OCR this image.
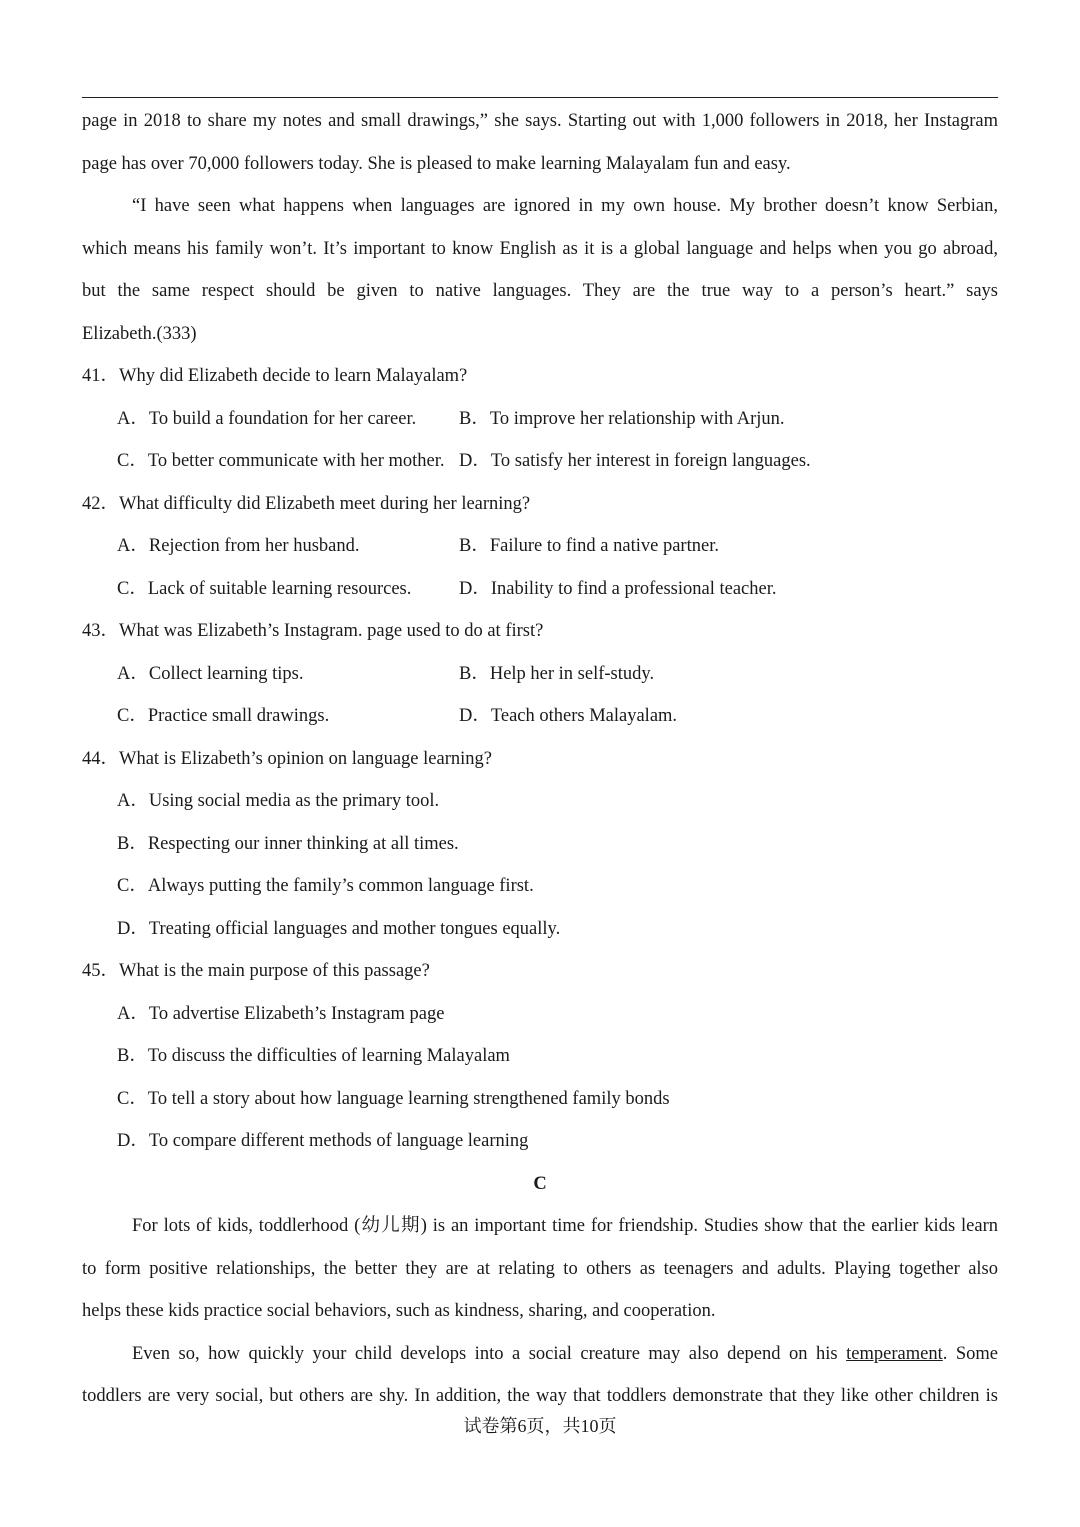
page in 2018 to share my notes and small drawings,” she says. Starting out with 1,000 followers in 2018, her Instagram
page has over 70,000 followers today. She is pleased to make learning Malayalam fun and easy.
“I have seen what happens when languages are ignored in my own house. My brother doesn’t know Serbian,
which means his family won’t. It’s important to know English as it is a global language and helps when you go abroad,
but the same respect should be given to native languages. They are the true way to a person’s heart.” says
Elizabeth.(333)
41．Why did Elizabeth decide to learn Malayalam?
A．To build a foundation for her career.	B．To improve her relationship with Arjun.
C．To better communicate with her mother. D．To satisfy her interest in foreign languages.
42．What difficulty did Elizabeth meet during her learning?
A．Rejection from her husband.	B．Failure to find a native partner.
C．Lack of suitable learning resources.	D．Inability to find a professional teacher.
43．What was Elizabeth’s Instagram. page used to do at first?
A．Collect learning tips.	B．Help her in self-study.
C．Practice small drawings.	D．Teach others Malayalam.
44．What is Elizabeth’s opinion on language learning?
A．Using social media as the primary tool.
B．Respecting our inner thinking at all times.
C．Always putting the family’s common language first.
D．Treating official languages and mother tongues equally.
45．What is the main purpose of this passage?
A．To advertise Elizabeth’s Instagram page
B．To discuss the difficulties of learning Malayalam
C．To tell a story about how language learning strengthened family bonds
D．To compare different methods of language learning
C
For lots of kids, toddlerhood (幼儿期) is an important time for friendship. Studies show that the earlier kids learn
to form positive relationships, the better they are at relating to others as teenagers and adults. Playing together also
helps these kids practice social behaviors, such as kindness, sharing, and cooperation.
Even so, how quickly your child develops into a social creature may also depend on his temperament. Some
toddlers are very social, but others are shy. In addition, the way that toddlers demonstrate that they like other children is
试卷第6页，共10页
